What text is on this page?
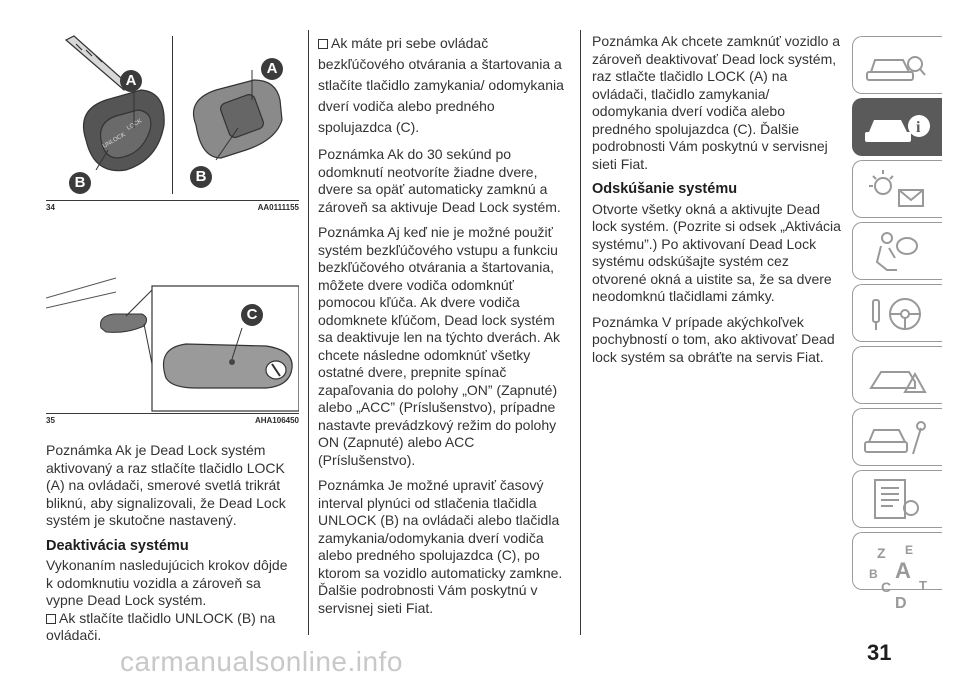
UNLOCK
LOCK
A
B
A
B
34	AA0111155
C
35	AHA106450

Poznámka Ak je Dead Lock systém aktivovaný a raz stlačíte tlačidlo LOCK (A) na ovládači, smerové svetlá trikrát bliknú, aby signalizovali, že Dead Lock systém je skutočne nastavený.

Deaktivácia systému

Vykonaním nasledujúcich krokov dôjde k odomknutiu vozidla a zároveň sa vypne Dead Lock systém.

Ak stlačíte tlačidlo UNLOCK (B) na ovládači.

Ak máte pri sebe ovládač bezkľúčového otvárania a štartovania a stlačíte tlačidlo zamykania/ odomykania dverí vodiča alebo predného spolujazdca (C).

Poznámka Ak do 30 sekúnd po odomknutí neotvoríte žiadne dvere, dvere sa opäť automaticky zamknú a zároveň sa aktivuje Dead Lock systém.

Poznámka Aj keď nie je možné použiť systém bezkľúčového vstupu a funkciu bezkľúčového otvárania a štartovania, môžete dvere vodiča odomknúť pomocou kľúča. Ak dvere vodiča odomknete kľúčom, Dead lock systém sa deaktivuje len na týchto dverách. Ak chcete následne odomknúť všetky ostatné dvere, prepnite spínač zapaľovania do polohy „ON” (Zapnuté) alebo „ACC” (Príslušenstvo), prípadne nastavte prevádzkový režim do polohy ON (Zapnuté) alebo ACC (Príslušenstvo).

Poznámka Je možné upraviť časový interval plynúci od stlačenia tlačidla UNLOCK (B) na ovládači alebo tlačidla zamykania/odomykania dverí vodiča alebo predného spolujazdca (C), po ktorom sa vozidlo automaticky zamkne. Ďalšie podrobnosti Vám poskytnú v servisnej sieti Fiat.

Poznámka Ak chcete zamknúť vozidlo a zároveň deaktivovať Dead lock systém, raz stlačte tlačidlo LOCK (A) na ovládači, tlačidlo zamykania/ odomykania dverí vodiča alebo predného spolujazdca (C). Ďalšie podrobnosti Vám poskytnú v servisnej sieti Fiat.

Odskúšanie systému

Otvorte všetky okná a aktivujte Dead lock systém. (Pozrite si odsek „Aktivácia systému”.) Po aktivovaní Dead Lock systému odskúšajte systém cez otvorené okná a uistite sa, že sa dvere neodomknú tlačidlami zámky.

Poznámka V prípade akýchkoľvek pochybností o tom, ako aktivovať Dead lock systém sa obráťte na servis Fiat.

i
Z E
B A
C T
D
31
carmanualsonline.info
